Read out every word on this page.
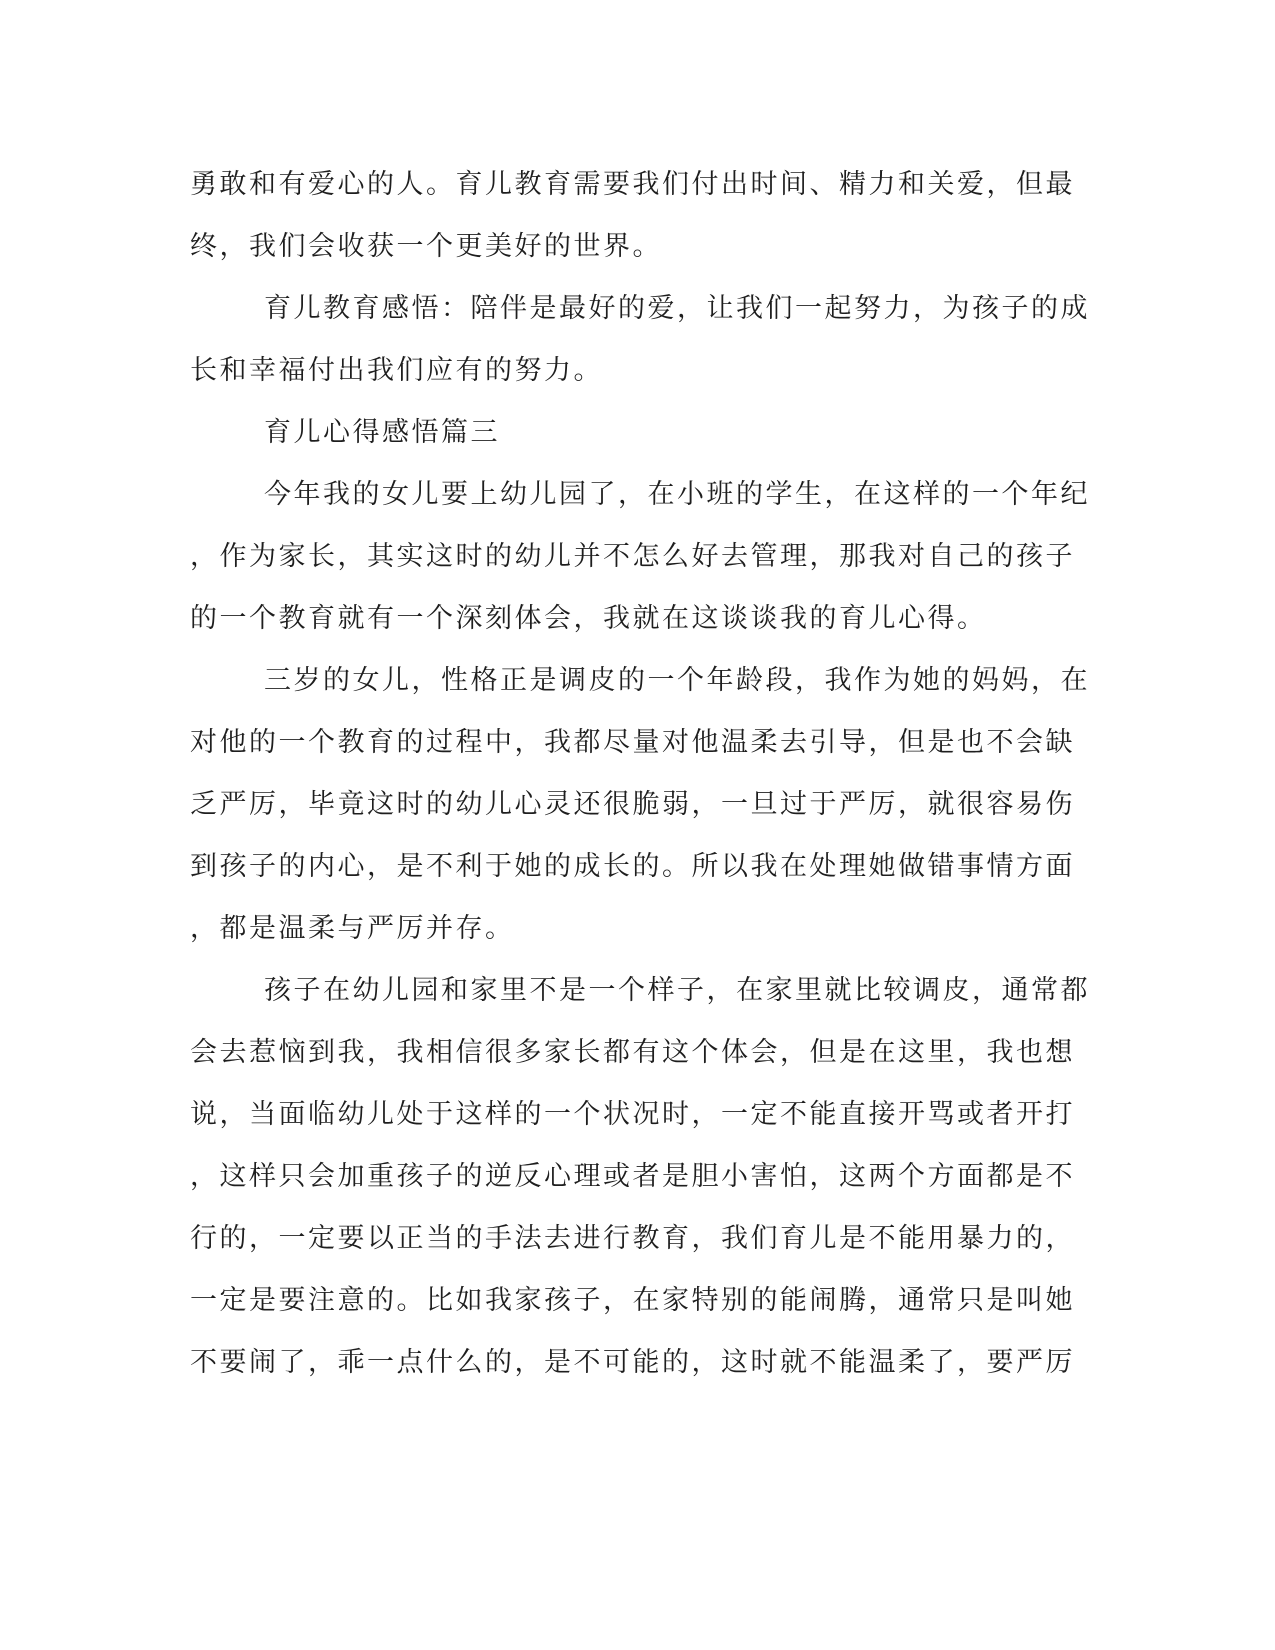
勇敢和有爱心的人。育儿教育需要我们付出时间、精力和关爱，但最
终，我们会收获一个更美好的世界。
育儿教育感悟：陪伴是最好的爱，让我们一起努力，为孩子的成
长和幸福付出我们应有的努力。
育儿心得感悟篇三
今年我的女儿要上幼儿园了，在小班的学生，在这样的一个年纪
，作为家长，其实这时的幼儿并不怎么好去管理，那我对自己的孩子
的一个教育就有一个深刻体会，我就在这谈谈我的育儿心得。
三岁的女儿，性格正是调皮的一个年龄段，我作为她的妈妈，在
对他的一个教育的过程中，我都尽量对他温柔去引导，但是也不会缺
乏严厉，毕竟这时的幼儿心灵还很脆弱，一旦过于严厉，就很容易伤
到孩子的内心，是不利于她的成长的。所以我在处理她做错事情方面
，都是温柔与严厉并存。
孩子在幼儿园和家里不是一个样子，在家里就比较调皮，通常都
会去惹恼到我，我相信很多家长都有这个体会，但是在这里，我也想
说，当面临幼儿处于这样的一个状况时，一定不能直接开骂或者开打
，这样只会加重孩子的逆反心理或者是胆小害怕，这两个方面都是不
行的，一定要以正当的手法去进行教育，我们育儿是不能用暴力的，
一定是要注意的。比如我家孩子，在家特别的能闹腾，通常只是叫她
不要闹了，乖一点什么的，是不可能的，这时就不能温柔了，要严厉
